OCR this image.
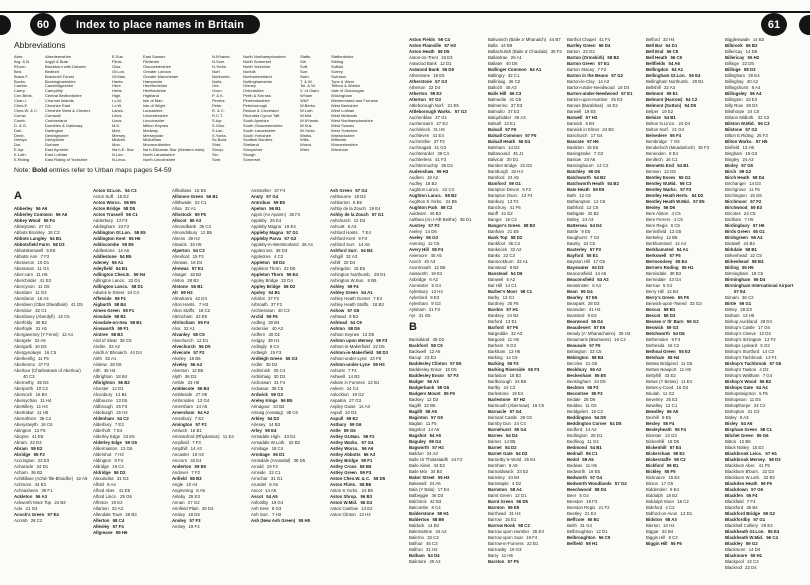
60	Index to place names in Britain	61
Abbreviations
Aber.	Aberdeenshire
Arg. & B.	Argyll & Bute
B'burn.	Blackburn with Darwen
Bed.	Bedford
Brack.F.	Bracknell Forest
Bucks.	Buckinghamshire
Cambs.	Cambridgeshire
Caerp.	Caerphilly
Cen.Beds.	Central Bedfordshire
Chan.I.	Channel Islands
Ches.E.	Cheshire East
Ches.W. & C.	Cheshire West & Chester
Cornw.	Cornwall
Cumb.	Cumberland
D. & G.	Dumfries & Galloway
Darl.	Darlington
Denb.	Denbighshire
Derbys.	Derbyshire
Dur.	Durham
E.Ayr.	East Ayrshire
E.Loth.	East Lothian
E.Riding	East Riding of Yorkshire
E.Sus.	East Sussex
Flints.	Flintshire
Glos.	Gloucestershire
Gt.Lon.	Greater London
Gt.Man.	Greater Manchester
Hants.	Hampshire
Here.	Herefordshire
Herts.	Hertfordshire
High.	Highland
I.o.M.	Isle of Man
I.o.W.	Isle of Wight
Lancs.	Lancashire
Leics.	Leicestershire
Lincs.	Lincolnshire
M.K.	Milton Keynes
Med.	Medway
Mersey.	Merseyside
Midloth.	Midlothian
Mon.	Monmouthshire
Na h-E. Siar	Na h-Eileanan Siar (Western Isles)
N.Lan.	North Lanarkshire
N.Lincs.	North Lincolnshire
N.N'hants.	North Northamptonshire
N.Som.	North Somerset
N.Yorks.	North Yorkshire
Norf.	Norfolk
Northumb.	Northumberland
Notts.	Nottinghamshire
Ork.	Orkney
Oxon.	Oxfordshire
P. & K.	Perth & Kinross
Pembs.	Pembrokeshire
Peter.	Peterborough
R. & C.	Redcar & Cleveland
R.C.T.	Rhondda Cynon Taff
S.Ayr.	South Ayrshire
S.Glos.	South Gloucestershire
S.Lan.	South Lanarkshire
S.Yorks.	South Yorkshire
Sc.Bord.	Scottish Borders
Shet.	Shetland
Shrop.	Shropshire
Slo.	Slough
Som.	Somerset
Staffs.	Staffordshire
Stir.	Stirling
Suff.	Suffolk
Surr.	Surrey
Swin.	Swindon
T. & W.	Tyne & Wear
Tel. & W.	Telford & Wrekin
V. of Glam.	Vale of Glamorgan
W'ham	Wokingham
W&F	Westmorland and Furness
W.Berks.	West Berkshire
W.Loth.	West Lothian
W.Mid.	West Midlands
W.N'hants.	West Northamptonshire
W.Sus.	West Sussex
W.Yorks.	West Yorkshire
Warks.	Warwickshire
Wilts.	Wiltshire
Worcs.	Worcestershire
Wrex.	Wrexham
Note: Bold entries refer to Urban maps pages 54-59
A
Abberley 56 A6
Abberley Common 56 A6
Abbey Wood 55 F4
Abbeytown 27 G3
Abbots Bromley 18 C3
Abbots Langley 54 B1
Abbotsfield Farm 58 D3
Abbotskerswell 5 E5
Abbotts Ann 7 F2
Aberaeron 10 D1
Aberaman 11 G4
Aber-carn 11 H5
Aberchirder 41 E3
Abercynon 11 G5
Aberdare 11 G4
Aberdaron 16 A4
Aberdeen (Obar Dheathain) 41 G5
Aberdour 32 C1
Aberdovey (Aberdyfi) 16 C6
Aberfeldy 36 B2
Aberfoyle 31 H1
Abergavenny (Y Fenni) 12 A4
Abergele 22 A6
Abergwili 10 D3
Abergynolwyn 16 C5
Aberkenfig 11 F5
Aberlemno 37 F2
Aberlour (Charlestown of Aberlour) 40 C3
Abernethy 36 D4
Aberporth 10 C2
Abersoch 16 B4
Abersychan 11 H4
Abertillery 11 H4
Abertridwr 11 H5
Aberuthven 36 C4
Aberystwyth 16 C6
Abington 13 F5
Aboyne 41 E6
Abram 22 D4
Abram 59 E2
Abridge 55 F2
Accrington 23 E3
Acharacle 34 D1
Acharn 36 B2
Achiltibuie (Achd-'Ille-Bhuidhe) 42 A5
Achmore 44 E3
Achnasheen 39 F1
Ackleton 56 A3
Ackworth Moor Top 24 B4
Acle 21 G4
Acock's Green 57 E4
Acomb 28 C2
Acton Gt.Lon. 54 C3
Acton Suff. 15 E2
Acton Worcs. 56 B6
Acton Bridge 58 D5
Acton Trussell 56 C1
Adderbury 13 F3
Addingham 23 F2
Addington Gt.Lon. 55 E5
Addington Kent 55 H6
Addiscombe 55 E5
Addlestone 14 A6
Addlestone 54 B5
Adeney 56 A1
Adeyfield 54 B1
Adlington Ches.E. 59 H4
Adlington Lancs. 22 D4
Adlington Lancs. 58 D1
Adwick le Street 24 C4
Affetside 59 F1
Aigburth 58 B4
Aimes Green 55 F1
Ainsdale 58 B1
Ainsdale-on-Sea 58 B1
Ainsworth 59 F1
Aintree 58 B3
Aird of Sleat 38 C5
Airdrie 32 A2
Airidh a' Bhruaich 44 D4
Airth 32 A1
Aiskew 28 D6
Aith 45 H4
Albrighton 18 B4
Albrighton 56 B2
Alcester 12 D1
Alconbury 14 B1
Aldbourne 13 E6
Aldbrough 25 F3
Aldeburgh 15 H2
Aldenham 54 C2
Alderbury 7 E3
Alderholt 7 E4
Alderley Edge 23 E6
Alderley Edge 59 G5
Aldermaston 13 G6
Aldershot 7 H2
Aldington 9 F4
Aldridge 18 C4
Aldridge 56 D2
Alexandria 31 G3
Alfold 8 A4
Alford Aber. 41 E5
Alford Lincs. 25 G6
Alfreton 19 E2
Allanton 32 A3
Allendale Town 28 B3
Allerton 58 C4
Allesley 57 F4
Allgreave 59 H6
Allhallows 15 E6
Allimore Green 56 B1
Allithwaite 22 C1
Alloa 32 A1
Allostock 59 F5
Allscot 56 A3
Almondbank 36 C3
Almondsbury 12 B5
Alness 39 H2
Alnwick 33 H5
Alperton 54 C3
Alresford 15 F3
Alrewas 18 D4
Alrewas 57 E1
Alsager 18 B2
Alston 28 B3
Alstone 56 B1
Alt 59 H2
Altnaharra 42 D4
Alton Hants. 7 H3
Alton Staffs. 18 C2
Altrincham 23 E5
Altrincham 59 F4
Alva 32 A1
Alvanley 58 C5
Alvechurch 12 D1
Alvechurch 56 D5
Alvecote 57 F2
Alveley 18 B5
Alveley 56 A4
Alveston 12 B5
Alyth 36 D2
Amble 33 H5
Amblecote 56 B4
Ambleside 27 H5
Ambrosden 13 G4
Amersham 14 A5
Amersham 54 A2
Amesbury 7 E2
Amington 57 F2
Amlwch 16 B1
Ammanford (Rhydaman) 11 E4
Ampfield 7 F3
Ampthill 14 A3
Ancaster 19 H2
Ancrum 33 E4
Anderton 59 E5
Andover 7 F2
Anfield 58 B3
Angle 10 A4
Angmering 8 A5
Anlaby 25 E3
Annan 27 G2
Annfield Plain 28 D3
Ansley 18 D5
Ansley 57 F3
Anstey 19 F4
Anstruther 37 F4
Ansty 57 G4
Antrobus 59 E5
Apeton 56 B1
Appin (An Apainn) 35 F2
Appleby 25 E4
Appleby Magna 19 E4
Appleby Magna 57 G1
Appleby Parva 57 G2
Appleby-in-Westmorland 28 A4
Applecross 38 D3
Appledore 4 C2
Appleton 58 D4
Appleton Thorn 22 D5
Appleton Thorn 59 E4
Appley Bridge 22 D4
Appley Bridge 58 D2
Apsley 54 B1
Arbirlot 37 F2
Arbroath 37 F2
Archiestown 40 C3
Arclid 59 F6
Ardbeg 30 B4
Ardersier 40 A3
Ardfern 30 D1
Ardgay 39 H1
Ardingly 8 C4
Ardleigh 15 F3
Ardleigh Green 55 G3
Ardler 36 D2
Ardminish 30 C4
Ardrishaig 30 D2
Ardrossan 31 F4
Ardvasar 38 C5
Ardwick 59 G3
Areley Kings 56 B5
Arinagour 34 B2
Arisaig (Arasaig) 38 C6
Arkley 54 D2
Arlesey 14 B3
Arley 59 E4
Armadale High. 43 E2
Armadale W.Loth. 32 B2
Armitage 18 C4
Armitage 56 D1
Arnisdale (Arnasdal) 38 D5
Arnold 19 F2
Arnside 22 C1
Arrochar 31 G1
Arundel 8 A5
Ascot 14 A6
Ascot 54 A5
Asfordby 19 G4
Ash Kent 9 G3
Ash Surr. 7 H2
Ash (New Ash Green) 55 H5
Ash Green 57 G4
Ashbourne 18 D2
Ashburton 5 E5
Ashby de la Zouch 19 E4
Ashby de la Zouch 57 G1
Ashchurch 12 D3
Ashcott 6 A3
Ashford Hants. 7 E4
Ashford Kent 9 F3
Ashford Surr. 14 A6
Ashford Surr. 54 B4
Ashgill 32 A3
Ashill 20 D4
Ashingdon 15 E5
Ashington Northumb. 28 D1
Ashington W.Sus. 8 B5
Ashley 59 F4
Ashley Green 54 A1
Ashley Heath Dorset 7 E4
Ashley Heath Staffs. 18 B3
Ashow 57 G5
Ashtead 8 B3
Ashtead 54 C6
Ashton 58 D6
Ashton Keynes 12 D5
Ashton upon Mersey 59 F3
Ashton-in-Makerfield 22 D5
Ashton-in-Makerfield 58 D3
Ashton-under-Lyne 23 F5
Ashton-under-Lyne 59 H3
Ashurst 7 F4
Ashwell 14 B3
Askam in Furness 22 B1
Askern 24 C4
Aslockton 19 G2
Aspatria 27 G3
Aspley Guise 14 A3
Aspull 22 D4
Aspull 59 E2
Astbury 59 G6
Astle 59 G5
Astley Gt.Man. 59 F2
Astley Warks. 57 G4
Astley Worcs. 56 A6
Astley Abbotts 56 A3
Astley Bridge 59 F1
Astley Cross 56 B6
Astley Green 59 F3
Aston Ches.W. & C. 58 D5
Aston Flints. 58 B6
Aston S.Yorks. 24 B5
Aston Shrop. 56 B3
Aston W.Mid. 56 D4
Aston Cantlow 13 E2
Aston Clinton 13 H4
Aston Fields 56 C4
Aston Flamville 57 H3
Aston Heath 58 D5
Aston-on-Trent 19 E3
Astwood Bank 12 D1
Astwood Bank 56 D6
Atherstone 19 E5
Atherstone 57 G3
Atherton 22 D4
Atherton 59 E2
Atterton 57 G3
Attleborough Norf. 21 E5
Attleborough Warks. 57 G3
Auchenblae 37 G1
Auchencairn 27 E3
Auchinleck 31 H5
Auchleven 41 E4
Auchmithie 37 F2
Auchnagatt 41 G3
Auchterarder 36 C4
Auchterless 41 F3
Auchtermuchty 36 D4
Audenshaw 59 H3
Audlem 18 A2
Audley 18 B2
Aughton Lancs. 22 C4
Aughton Lancs. 58 B2
Aughton S.Yorks. 24 B5
Aughton Park 58 C2
Auldearn 40 B3
Aultbea (An t-Allt Beithe) 38 D1
Austrey 57 F2
Aveley 14 D6
Aveley 55 G3
Avening 12 C5
Avery Hill 55 F4
Aviemore 40 A5
Avoch 40 A3
Avonmouth 12 B6
Awsworth 19 E2
Axbridge 6 A2
Axminster 5 G4
Aylesbury 13 H4
Aylesford 9 E3
Aylesham 9 G3
Aylsham 21 F3
Ayr 31 G5
B
Backaland 45 D2
Backford 58 C5
Backwell 12 A6
Bacup 23 E3
Baddesley Clinton 57 E5
Baddesley Ensor 18 D5
Baddesley Ensor 57 F3
Badger 56 A3
Badgerbank 59 G5
Badgers Mount 55 F5
Badsey 12 D2
Bagillt 22 B6
Bagillt 58 A5
Baginton 57 G5
Baglan 11 F5
Bagshot 14 A6
Bagshot 54 A5
Baguley 59 G4
Bagworth 57 H2
Baildon 24 A3
Baile Ùr Tholastaidh 44 F2
Baile Ailein 44 E3
Baile Mòr 34 B3
Baker Street 55 H3
Bakewell 24 A6
Bala (Y Bala) 17 E4
Balbeggie 36 D3
Balchrick 42 B3
Balcombe 8 C4
Balderstone 59 H1
Balderton 58 B6
Baldock 14 B3
Balemartine 34 A2
Balerno 32 C2
Balfour 45 C3
Balfron 31 H2
Balham 54 D4
Balintore 40 A2
Balivanich (Baile a' Mhanaich) 44 B7
Balla 44 B9
Ballachulish (Baile a' Chaolais) 35 F2
Ballantrae 26 A1
Ballater 40 D6
Ballinger Common 54 A1
Ballingry 32 C1
Ballinluig 36 C2
Balloch 40 A3
Balls Hill 56 C3
Balmedie 41 G5
Balmerino 37 E3
Balmullo 37 E3
Balquhidder 36 A3
Balsall 13 E1
Balsall 57 F5
Balsall Common 57 F5
Balsall Heath 56 D4
Balsham 14 D2
Baltasound 45 J1
Balvicar 30 D1
Bamber Bridge 22 D3
Bamburgh 33 H4
Bamford 24 A5
Bamford 59 G1
Bampton Devon 5 F2
Bampton Oxon. 13 F4
Banbury 13 F2
Banchory 41 F6
Banff 41 E2
Bangor 16 C2
Bangor's Green 58 B2
Banham 21 E5
Bank Top 58 D2
Bankfoot 36 C3
Banknock 32 A2
Banks 22 C3
Bannockburn 32 A1
Banstead 8 B3
Banstead 54 D6
Banwell 6 A2
Bar Hill 14 C1
Barber's Moor 58 C1
Barby 13 G1
Bardney 25 F6
Bardon 57 H1
Bardsey 24 B2
Barford 13 E1
Barford 57 F6
Bargeddie 32 A3
Bargoed 11 H5
Barham 9 G3
Barkham 13 H6
Barking 14 C5
Barking 55 F3
Barking Riverside 55 F3
Barlaston 18 B3
Barlborough 24 B6
Barlby 24 C3
Barlestone 19 E4
Barlestone 57 H2
Barmouth (Abermaw) 16 C5
Barnacle 57 G4
Barnard Castle 28 C5
Barnby Dun 24 C4
Barnehurst 55 G4
Barnes 54 D4
Barnet 14 B5
Barnet 54 D2
Barnet Gate 54 D2
Barnetby le Wold 25 E4
Barnham 8 A5
Barnoldswick 23 E2
Barnsley 24 B4
Barnstaple 4 D2
Barnston 58 A4
Barnt Green 12 D1
Barnt Green 56 D5
Barnton 59 E5
Barrhead 31 H4
Barrow 15 E1
Barrow Nook 58 C2
Barrow upon Humber 25 E3
Barrow upon Soar 19 F4
Barrow-in-Furness 22 B1
Barrowby 19 G3
Barry 11 H6
Barston 57 F5
Barthol Chapel 41 F4
Bartley Green 56 D4
Barton 22 D3
Barton (Ormskirk) 58 B2
Barton Green 57 E1
Barton Stacey 7 F2
Barton in the Beans 57 G2
Barton-le-Clay 14 A3
Barton-under-Needwood 18 D4
Barton-under-Needwood 57 E1
Barton-upon-Humber 25 E3
Barvas (Barabhas) 44 E2
Barwell 19 E5
Barwell 57 H3
Barwick 6 B4
Barwick in Elmet 24 B3
Baschurch 17 G4
Bascote 57 H6
Basildon 15 E5
Basingstoke 7 G2
Baslow 24 A6
Bassingbourn 14 C2
Batchley 56 D6
Batchworth 54 B2
Batchworth Heath 54 B2
Bate Heath 59 E5
Bath 12 C6
Bathampton 12 C6
Bathford 12 C6
Bathgate 32 B2
Batley 24 A3
Battersea 54 D4
Battle 9 E5
Baughurst 7 G2
Bawtry 24 C5
Baxterley 57 F3
Bayford 55 E1
Bayston Hill 17 G5
Bayswater 54 D3
Beaconsfield 14 A5
Beaconsfield 54 A2
Beaminster 6 A4
Bean 55 G4
Bearley 57 E6
Bearpark 28 D3
Bearsden 31 H3
Bearsted 9 E3
Bearwood 56 D4
Beaudesert 57 E6
Beauly (A' Mhanachainn) 39 H3
Beaumaris (Biwmares) 16 C2
Beausale 57 F5
Bebington 22 C5
Bebington 58 B4
Beccles 21 G5
Beckbury 56 A2
Beckenham 55 E5
Beckingham 24 D5
Beckton 55 F3
Becontree 55 F3
Bedale 28 D6
Beddau 11 G5
Beddgelert 16 C3
Beddington 54 D5
Beddington Corner 54 D5
Bedford 14 A2
Bedlington 28 D1
Bedlinog 11 G4
Bedmond 54 B1
Bednall 56 C1
Bedol 58 A5
Bedwas 11 H5
Bedworth 19 E5
Bedworth 57 G4
Bedworth Woodlands 57 G4
Beechwood 58 D4
Beer 5 G4
Beeston 19 F3
Beeston Regis 21 F2
Beetley 21 E4
Beffcote 56 B1
Beith 31 G4
Belbroughton 12 D1
Belbroughton 56 C5
Belfield 59 H1
Belford 33 H4
Bell Bar 54 D1
Bell End 56 C5
Bell Heath 56 C5
Bellfields 54 A6
Bellingdon 54 A1
Bellingham Gt.Lon. 55 E4
Bellingham Northumb. 28 B1
Bellshill 32 A3
Belmont 59 E1
Belmont (Harrow) 54 C2
Belmont (Sutton) 54 D5
Belper 19 E2
Belsize 54 B1
Belton N.Lincs. 24 D4
Belton Norf. 21 G4
Belvedere 55 F4
Bembridge 7 G5
Benderloch (Meadarloch) 35 F3
Benenden 9 E4
Benllech 16 C1
Bennetts End 54 B1
Benson 13 G5
Bentley Essex 55 G2
Bentley W.Mid. 56 C3
Bentley Warks. 57 F3
Bentley Heath Herts. 54 D2
Bentley Heath W.Mid. 57 E5
Beoley 56 D6
Bere Alston 4 C5
Bere Ferrers 4 C5
Bere Regis 6 C5
Berinsfield 13 G5
Berkeley 12 B5
Berkhamsted 14 A4
Berkhamsted 54 A1
Berkswell 57 F5
Bermondsey 55 E4
Berners Roding 55 H1
Bernisdale 38 B3
Berriedale 43 G4
Berrow 5 G1
Berry Hill 12 B4
Berry's Green 55 F6
Berwick-upon-Tweed 33 G3
Bescar 58 B1
Bescot 56 D3
Besses o' th' Barn 59 G2
Beswick 59 G3
Betchworth 54 D6
Bethersden 9 F3
Bethesda 16 C2
Bethnal Green 55 E3
Betsham 55 H4
Bettws Bridgend 11 G5
Bettws Newport 11 H5
Bettyhill 43 E2
Betws (Y Betws) 11 E4
Betws-y-Coed 16 D3
Beulah 11 G2
Beverley 25 E3
Bewdley 12 C1
Bewdley 56 A5
Bexhill 9 E5
Bexley 55 F4
Bexleyheath 55 F4
Bicester 13 G3
Bickenhill 18 D5
Bickenhill 57 E4
Bickershaw 59 E2
Bickerstaffe 58 C2
Bickford 56 B1
Bickley 55 F5
Bicknacre 15 E4
Bicton 17 G5
Biddenden 9 E4
Biddulph 18 B2
Biddulph Moor 18 C2
Bideford 4 C2
Bidford-on-Avon 12 D1
Bidston 58 A3
Bierton 13 H4
Biggar 32 B4
Biggin Hill 8 C3
Biggin Hill 55 F6
Biggleswade 14 B2
Bilbrook 56 B2
Billericay 14 D5
Billericay 55 H2
Billinge 22 D5
Billinge 58 D3
Billingham 29 E4
Billinghay 20 A2
Billingshurst 8 A4
Billingsley 56 A4
Billington 23 E3
Billy Row 28 D4
Bilsthorpe 24 C6
Bilston Midloth. 32 C2
Bilston W.Mid. 56 C3
Bilstone 57 G2
Bilton E.Riding 25 F3
Bilton Warks. 57 H5
Binfield 13 H6
Bingham 19 G3
Bingley 24 A3
Binley 57 G5
Birch 59 G2
Birch Heath 58 D4
Birchanger 14 D3
Birchgrove 11 F5
Birchington 15 G6
Birchmoor 57 F2
Birchwood 59 E3
Bircotes 24 C5
Birdham 7 H5
Birdingbury 57 H6
Birds Green 55 G1
Birdsgreen 56 A4
Birdwell 24 B4
Birkdale 58 B1
Birkenhead 22 C5
Birkenhead 58 B4
Birling 55 H5
Birmingham 18 C5
Birmingham 56 D4
Birmingham International Airport 57 E4
Birnam 36 C2
Birtle 59 G1
Birtley 28 D3
Bisham 13 H5
Bishop Auckland 28 D4
Bishop's Castle 17 G6
Bishop's Cleeve 12 D3
Bishop's Itchington 13 F2
Bishops Lydeard 5 G2
Bishop's Stortford 14 C3
Bishop's Tachbrook 13 F1
Bishop's Tachbrook 57 G6
Bishop's Tawton 4 D2
Bishop's Waltham 7 G4
Bishop's Wood 56 B2
Bishops Gate 54 A4
Bishopsteignton 5 F5
Bishopston 11 E5
Bishopthorpe 24 C2
Bishopton 31 G3
Bisley 8 A3
Bisley 54 A6
Bispham Green 58 C1
Bitchet Green 55 G6
Bitton 12 B6
Black Notley 15 E3
Blackbrook Leics. 57 H1
Blackbrook Mersey. 58 D3
Blackburn Aber. 41 F5
Blackburn B'burn. 22 D3
Blackburn W.Loth. 32 B2
Blackden Heath 59 F5
Blackdown 57 G6
Blackfen 55 F4
Blackfield 7 F4
Blackford 36 B4
Blackford Bridge 59 G2
Blackfordby 57 G1
Blackhall Colliery 29 E4
Blackheath Gt.Lon. 55 E4
Blackheath W.Mid. 56 C4
Blackley 59 G2
Blackmore 14 D4
Blackmore 55 H1
Blackpool 22 C3
Blackrod 22 D4
